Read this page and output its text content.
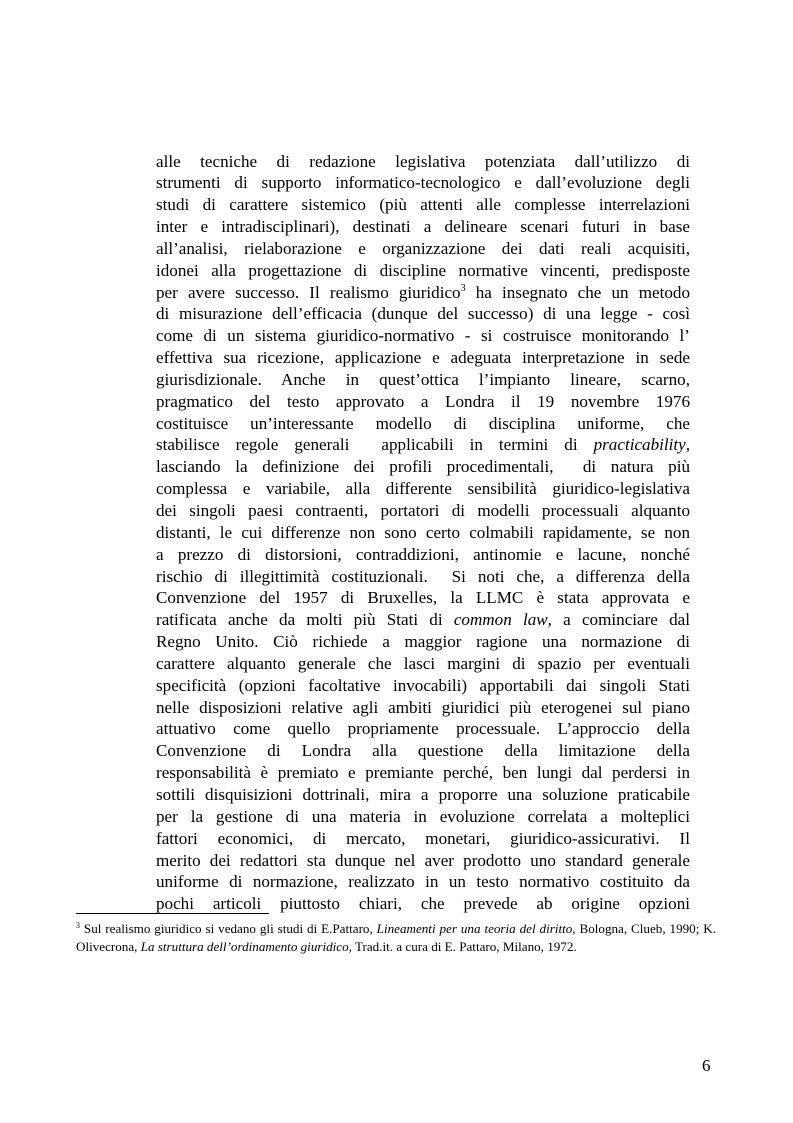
alle tecniche di redazione legislativa potenziata dall’utilizzo di
strumenti di supporto informatico-tecnologico e dall’evoluzione degli
studi di carattere sistemico (più attenti alle complesse interrelazioni
inter e intradisciplinari), destinati a delineare scenari futuri in base
all’analisi, rielaborazione e organizzazione dei dati reali acquisiti,
idonei alla progettazione di discipline normative vincenti, predisposte
per avere successo. Il realismo giuridico$^3$ ha insegnato che un metodo
di misurazione dell’efficacia (dunque del successo) di una legge - così
come di un sistema giuridico-normativo - si costruisce monitorando l’
effettiva sua ricezione, applicazione e adeguata interpretazione in sede
giurisdizionale. Anche in quest’ottica l’impianto lineare, scarno,
pragmatico del testo approvato a Londra il 19 novembre 1976
costituisce un’interessante modello di disciplina uniforme, che
stabilisce regole generali  applicabili in termini di practicability,
lasciando la definizione dei profili procedimentali,  di natura più
complessa e variabile, alla differente sensibilità giuridico-legislativa
dei singoli paesi contraenti, portatori di modelli processuali alquanto
distanti, le cui differenze non sono certo colmabili rapidamente, se non
a prezzo di distorsioni, contraddizioni, antinomie e lacune, nonché
rischio di illegittimità costituzionali.  Si noti che, a differenza della
Convenzione del 1957 di Bruxelles, la LLMC è stata approvata e
ratificata anche da molti più Stati di common law, a cominciare dal
Regno Unito. Ciò richiede a maggior ragione una normazione di
carattere alquanto generale che lasci margini di spazio per eventuali
specificità (opzioni facoltative invocabili) apportabili dai singoli Stati
nelle disposizioni relative agli ambiti giuridici più eterogenei sul piano
attuativo come quello propriamente processuale. L’approccio della
Convenzione di Londra alla questione della limitazione della
responsabilità è premiato e premiante perché, ben lungi dal perdersi in
sottili disquisizioni dottrinali, mira a proporre una soluzione praticabile
per la gestione di una materia in evoluzione correlata a molteplici
fattori economici, di mercato, monetari, giuridico-assicurativi. Il
merito dei redattori sta dunque nel aver prodotto uno standard generale
uniforme di normazione, realizzato in un testo normativo costituito da
pochi articoli piuttosto chiari, che prevede ab origine opzioni
$^3$ Sul realismo giuridico si vedano gli studi di E.Pattaro, Lineamenti per una teoria del diritto, Bologna, Clueb, 1990; K.
Olivecrona, La struttura dell’ordinamento giuridico, Trad.it. a cura di E. Pattaro, Milano, 1972.
6
